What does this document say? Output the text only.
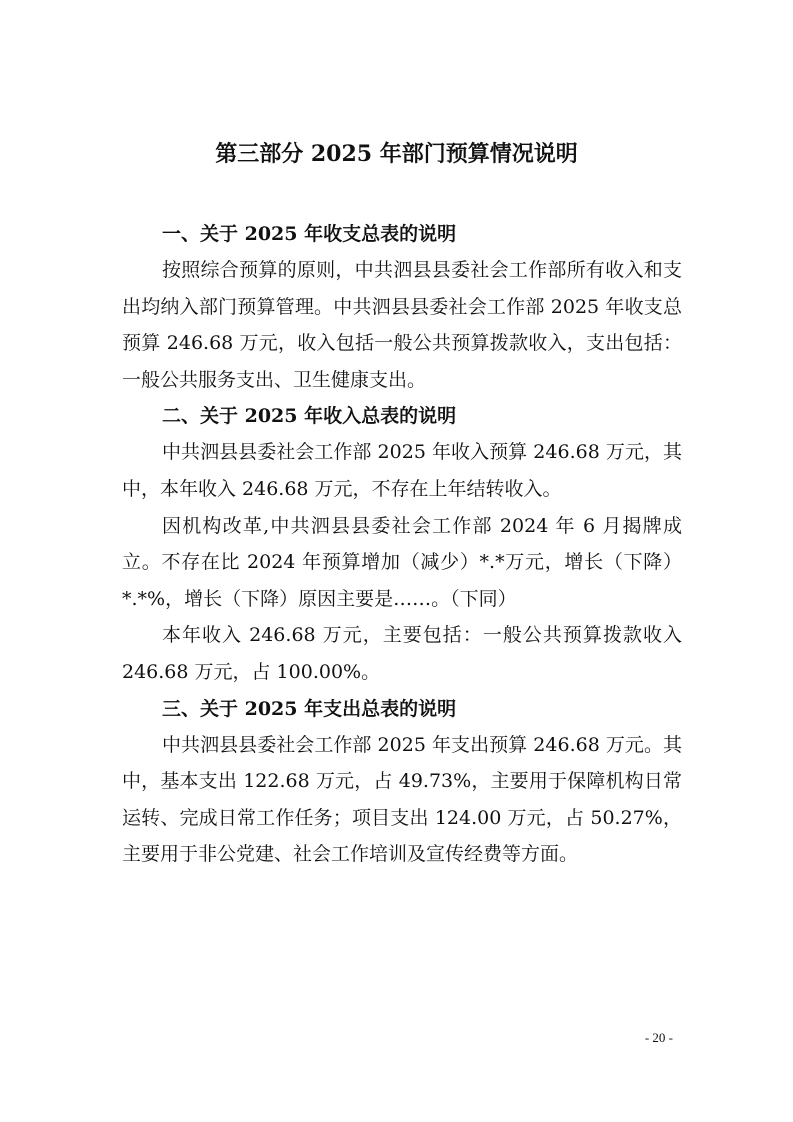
第三部分 2025 年部门预算情况说明

一、关于 2025 年收支总表的说明

按照综合预算的原则，中共泗县县委社会工作部所有收入和支出均纳入部门预算管理。中共泗县县委社会工作部 2025 年收支总预算 246.68 万元，收入包括一般公共预算拨款收入，支出包括：一般公共服务支出、卫生健康支出。

二、关于 2025 年收入总表的说明

中共泗县县委社会工作部 2025 年收入预算 246.68 万元，其中，本年收入 246.68 万元，不存在上年结转收入。

因机构改革,中共泗县县委社会工作部 2024 年 6 月揭牌成立。不存在比 2024 年预算增加（减少）*.*万元，增长（下降）*.*%，增长（下降）原因主要是……。（下同）

本年收入 246.68 万元，主要包括：一般公共预算拨款收入 246.68 万元，占 100.00%。

三、关于 2025 年支出总表的说明

中共泗县县委社会工作部 2025 年支出预算 246.68 万元。其中，基本支出 122.68 万元，占 49.73%，主要用于保障机构日常运转、完成日常工作任务；项目支出 124.00 万元，占 50.27%，主要用于非公党建、社会工作培训及宣传经费等方面。

- 20 -
